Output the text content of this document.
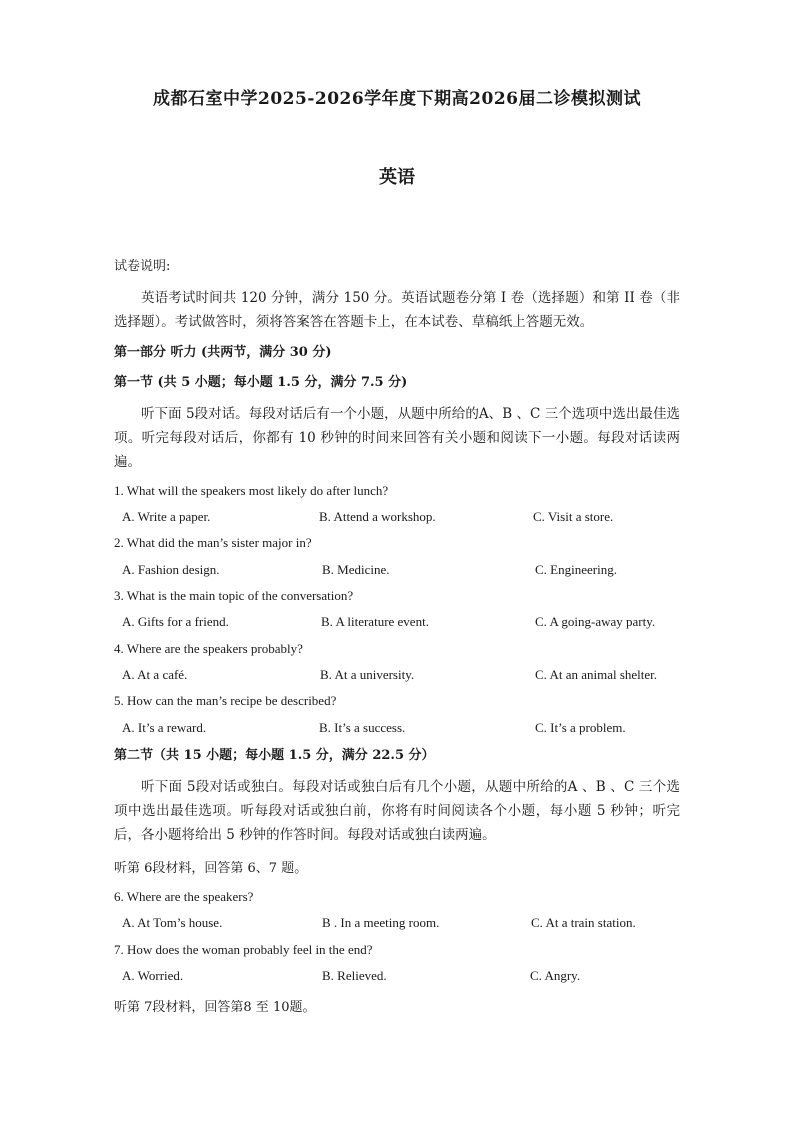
成都石室中学2025-2026学年度下期高2026届二诊模拟测试
英语
试卷说明:
英语考试时间共 120 分钟，满分 150 分。英语试题卷分第 I 卷（选择题）和第 II 卷（非选择题）。考试做答时，须将答案答在答题卡上，在本试卷、草稿纸上答题无效。
第一部分 听力 (共两节，满分 30 分)
第一节 (共 5 小题；每小题 1.5 分，满分 7.5 分)
听下面 5段对话。每段对话后有一个小题，从题中所给的A、B 、C 三个选项中选出最佳选项。听完每段对话后，你都有 10 秒钟的时间来回答有关小题和阅读下一小题。每段对话读两遍。
1. What will the speakers most likely do after lunch?
A. Write a paper.	B. Attend a workshop.	C. Visit a store.
2. What did the man’s sister major in?
A. Fashion design.	B. Medicine.	C. Engineering.
3. What is the main topic of the conversation?
A. Gifts for a friend.	B. A literature event.	C. A going-away party.
4. Where are the speakers probably?
A. At a café.	B. At a university.	C. At an animal shelter.
5. How can the man’s recipe be described?
A. It’s a reward.	B. It’s a success.	C. It’s a problem.
第二节（共 15 小题；每小题 1.5 分，满分 22.5 分）
听下面 5段对话或独白。每段对话或独白后有几个小题，从题中所给的A 、B 、C 三个选项中选出最佳选项。听每段对话或独白前，你将有时间阅读各个小题，每小题 5 秒钟；听完后，各小题将给出 5 秒钟的作答时间。每段对话或独白读两遍。
听第 6段材料，回答第 6、7 题。
6. Where are the speakers?
A. At Tom’s house.	B . In a meeting room.	C. At a train station.
7. How does the woman probably feel in the end?
A. Worried.	B. Relieved.	C. Angry.
听第 7段材料，回答第8 至 10题。
